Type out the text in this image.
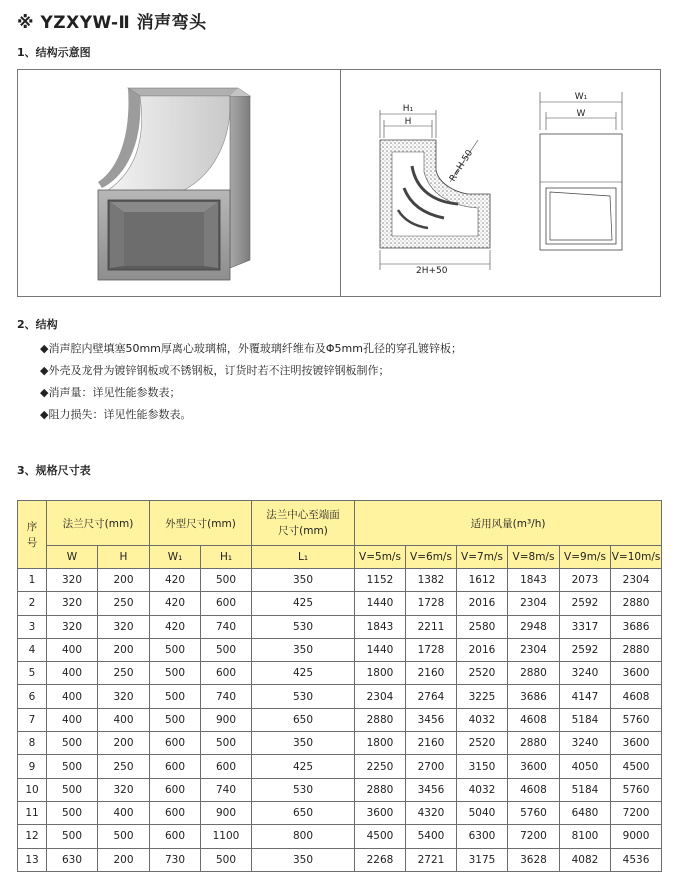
※ YZXYW-Ⅱ 消声弯头
1、结构示意图
H₁
H
R=H-50
2H+50
W₁
W
2、结构
◆消声腔内壁填塞50mm厚离心玻璃棉，外覆玻璃纤维布及Φ5mm孔径的穿孔镀锌板；
◆外壳及龙骨为镀锌钢板或不锈钢板，订货时若不注明按镀锌钢板制作；
◆消声量：详见性能参数表；
◆阻力损失：详见性能参数表。
3、规格尺寸表
序号	法兰尺寸(mm)		外型尺寸(mm)		法兰中心至端面尺寸(mm)	适用风量(m³/h)					
	W	H	W₁	H₁	L₁	V=5m/s	V=6m/s	V=7m/s	V=8m/s	V=9m/s	V=10m/s
1	320	200	420	500	350	1152	1382	1612	1843	2073	2304
2	320	250	420	600	425	1440	1728	2016	2304	2592	2880
3	320	320	420	740	530	1843	2211	2580	2948	3317	3686
4	400	200	500	500	350	1440	1728	2016	2304	2592	2880
5	400	250	500	600	425	1800	2160	2520	2880	3240	3600
6	400	320	500	740	530	2304	2764	3225	3686	4147	4608
7	400	400	500	900	650	2880	3456	4032	4608	5184	5760
8	500	200	600	500	350	1800	2160	2520	2880	3240	3600
9	500	250	600	600	425	2250	2700	3150	3600	4050	4500
10	500	320	600	740	530	2880	3456	4032	4608	5184	5760
11	500	400	600	900	650	3600	4320	5040	5760	6480	7200
12	500	500	600	1100	800	4500	5400	6300	7200	8100	9000
13	630	200	730	500	350	2268	2721	3175	3628	4082	4536
